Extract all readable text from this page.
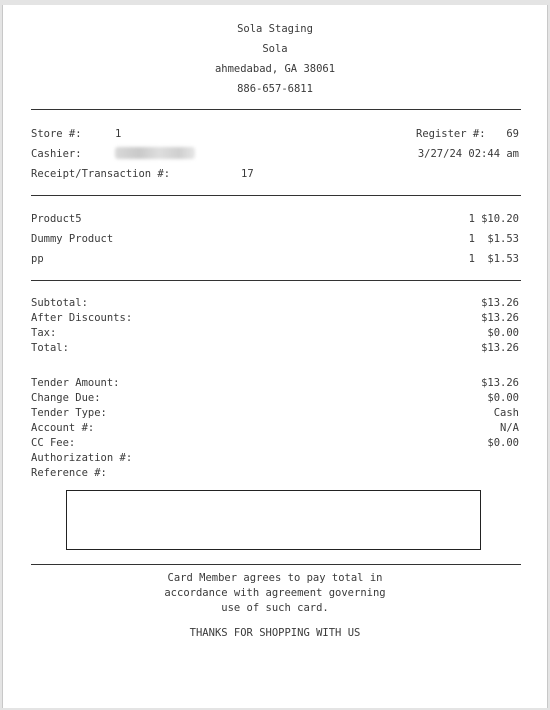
Sola Staging
Sola
ahmedabad, GA 38061
886-657-6811
Store #:	1	Register #: 69
Cashier:	3/27/24 02:44 am
Receipt/Transaction #:	17
Product5	1 $10.20
Dummy Product	1 $1.53
pp	1 $1.53
Subtotal:	$13.26
After Discounts:	$13.26
Tax:	$0.00
Total:	$13.26
Tender Amount:	$13.26
Change Due:	$0.00
Tender Type:	Cash
Account #:	N/A
CC Fee:	$0.00
Authorization #:
Reference #:
Card Member agrees to pay total in
accordance with agreement governing
use of such card.
THANKS FOR SHOPPING WITH US
